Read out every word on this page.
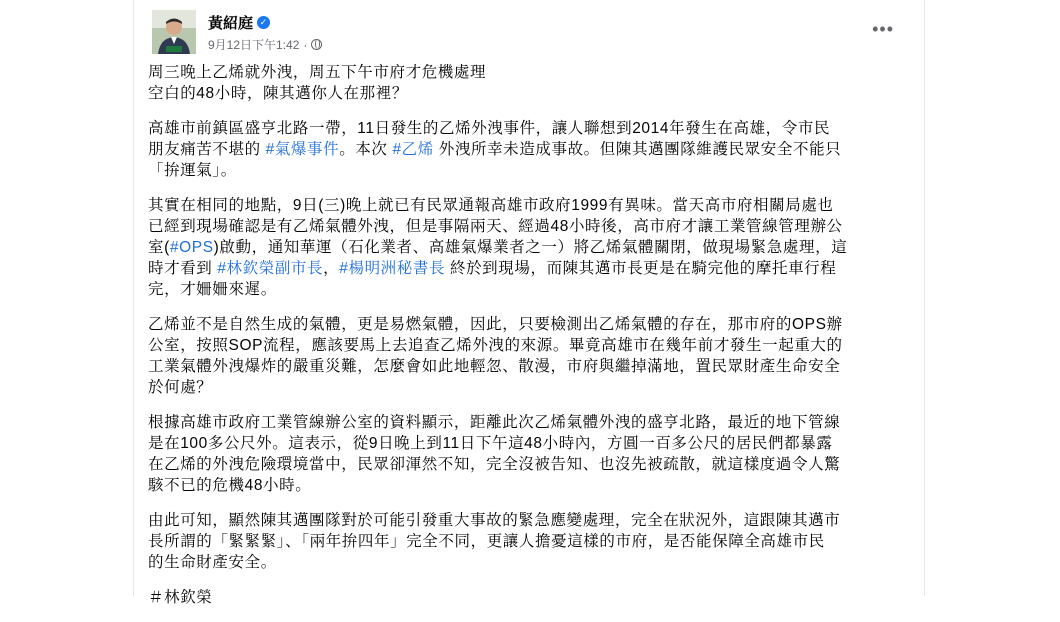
黃紹庭 ✓
9月12日下午1:42 ·
•••
周三晚上乙烯就外洩，周五下午市府才危機處理
空白的48小時，陳其邁你人在那裡？
高雄市前鎮區盛亨北路一帶，11日發生的乙烯外洩事件，讓人聯想到2014年發生在高雄，令市民
朋友痛苦不堪的 #氣爆事件。本次 #乙烯 外洩所幸未造成事故。但陳其邁團隊維護民眾安全不能只
「拚運氣」。
其實在相同的地點，9日(三)晚上就已有民眾通報高雄市政府1999有異味。當天高市府相關局處也
已經到現場確認是有乙烯氣體外洩，但是事隔兩天、經過48小時後，高市府才讓工業管線管理辦公
室(#OPS)啟動，通知華運（石化業者、高雄氣爆業者之一）將乙烯氣體關閉，做現場緊急處理，這
時才看到 #林欽榮副市長，#楊明洲秘書長 終於到現場，而陳其邁市長更是在騎完他的摩托車行程
完，才姍姍來遲。
乙烯並不是自然生成的氣體，更是易燃氣體，因此，只要檢測出乙烯氣體的存在，那市府的OPS辦
公室，按照SOP流程，應該要馬上去追查乙烯外洩的來源。畢竟高雄市在幾年前才發生一起重大的
工業氣體外洩爆炸的嚴重災難，怎麼會如此地輕忽、散漫，市府與繼掉滿地，置民眾財產生命安全
於何處？
根據高雄市政府工業管線辦公室的資料顯示，距離此次乙烯氣體外洩的盛亨北路，最近的地下管線
是在100多公尺外。這表示，從9日晚上到11日下午這48小時內，方圓一百多公尺的居民們都暴露
在乙烯的外洩危險環境當中，民眾卻渾然不知，完全沒被告知、也沒先被疏散，就這樣度過令人驚
駭不已的危機48小時。
由此可知，顯然陳其邁團隊對於可能引發重大事故的緊急應變處理，完全在狀況外，這跟陳其邁市
長所謂的「緊緊緊」、「兩年拚四年」完全不同，更讓人擔憂這樣的市府，是否能保障全高雄市民
的生命財產安全。
＃林欽榮
